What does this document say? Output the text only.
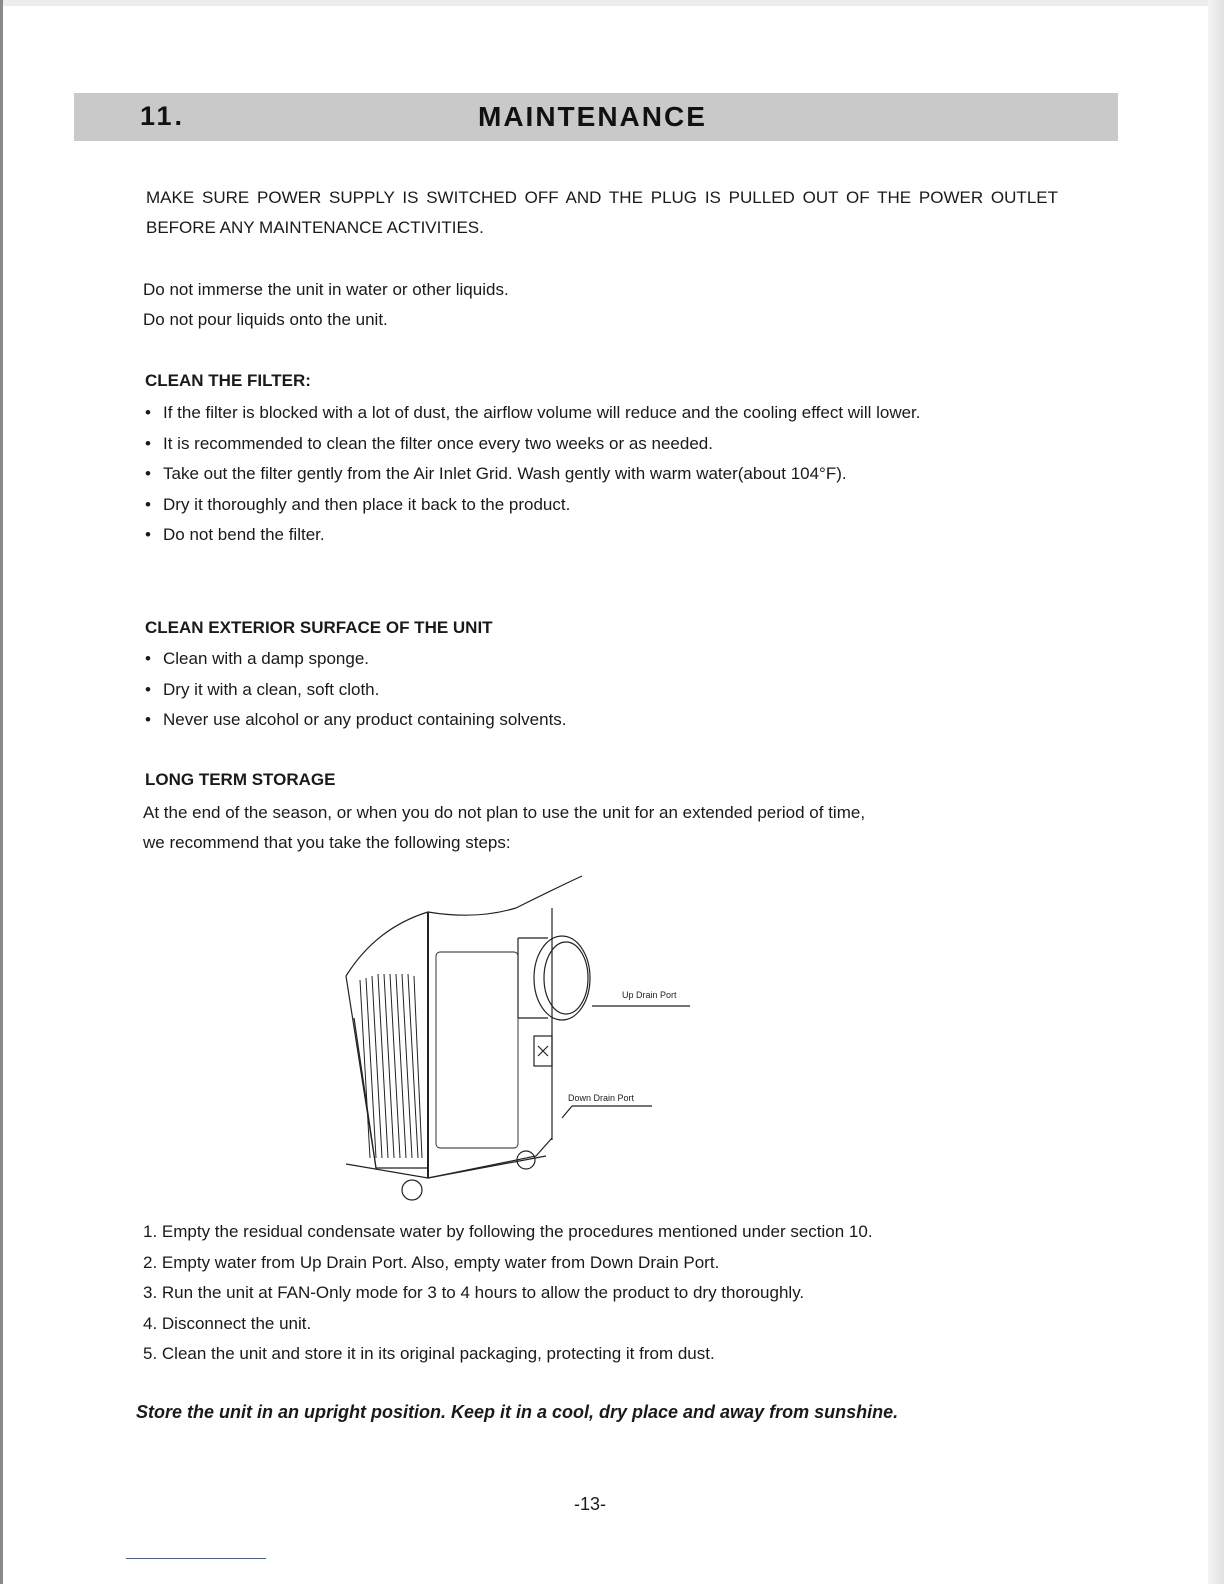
11.	MAINTENANCE
MAKE SURE POWER SUPPLY IS SWITCHED OFF AND THE PLUG IS PULLED OUT OF THE POWER OUTLET BEFORE ANY MAINTENANCE ACTIVITIES.
Do not immerse the unit in water or other liquids.
Do not pour liquids onto the unit.
CLEAN THE FILTER:
• If the filter is blocked with a lot of dust, the airflow volume will reduce and the cooling effect will lower.
• It is recommended to clean the filter once every two weeks or as needed.
• Take out the filter gently from the Air Inlet Grid. Wash gently with warm water(about 104°F).
• Dry it thoroughly and then place it back to the product.
• Do not bend the filter.
CLEAN EXTERIOR SURFACE OF THE UNIT
• Clean with a damp sponge.
• Dry it with a clean, soft cloth.
• Never use alcohol or any product containing solvents.
LONG TERM STORAGE
At the end of the season, or when you do not plan to use the unit for an extended period of time,
we recommend that you take the following steps:
Up Drain Port
Down Drain Port
1. Empty the residual condensate water by following the procedures mentioned under section 10.
2. Empty water from Up Drain Port. Also, empty water from Down Drain Port.
3. Run the unit at FAN-Only mode for 3 to 4 hours to allow the product to dry thoroughly.
4. Disconnect the unit.
5. Clean the unit and store it in its original packaging, protecting it from dust.
Store the unit in an upright position. Keep it in a cool, dry place and away from sunshine.
-13-
